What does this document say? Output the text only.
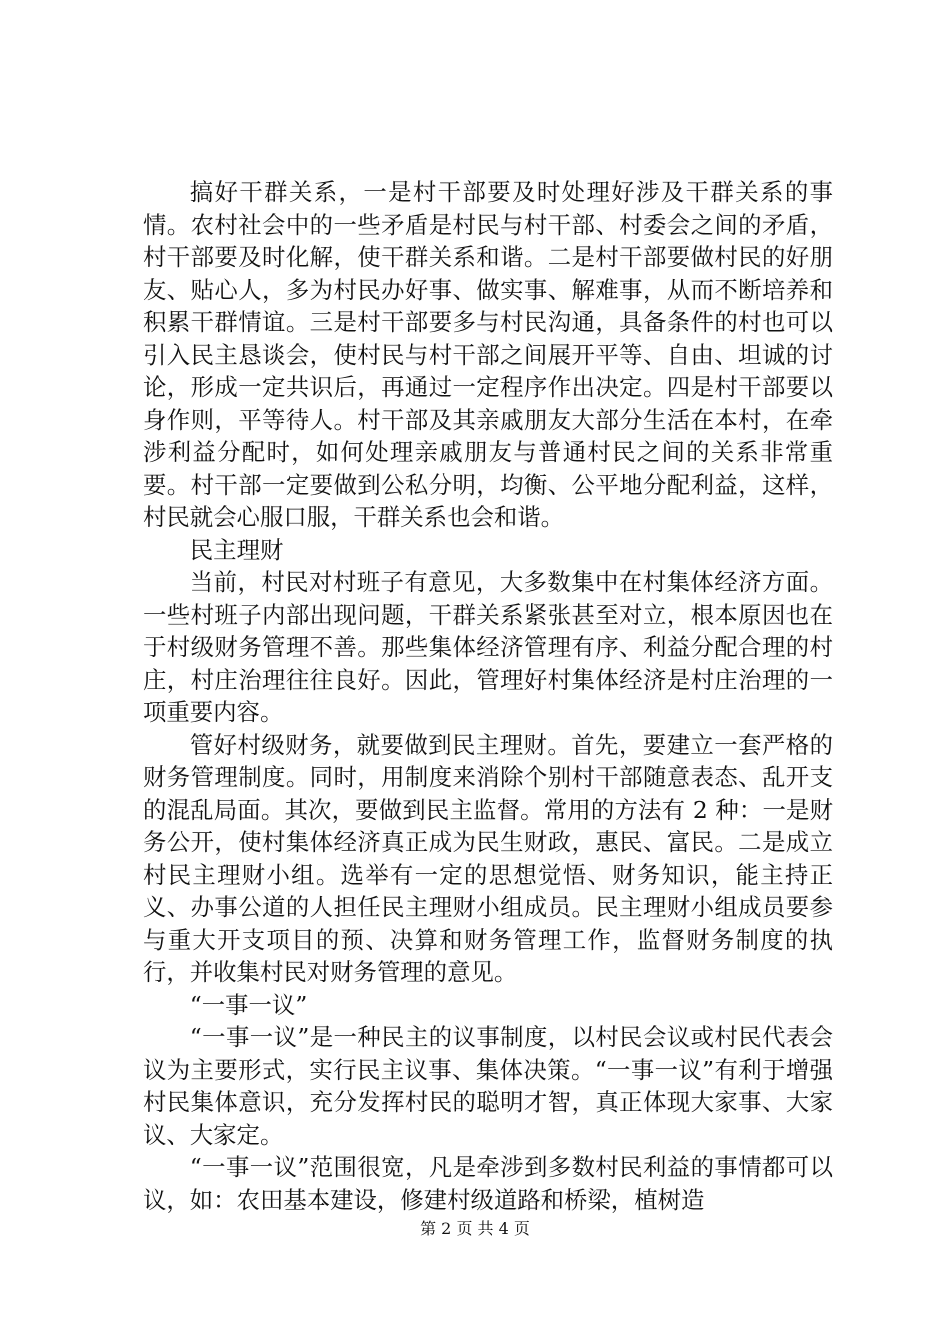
搞好干群关系，一是村干部要及时处理好涉及干群关系的事情。农村社会中的一些矛盾是村民与村干部、村委会之间的矛盾，村干部要及时化解，使干群关系和谐。二是村干部要做村民的好朋友、贴心人，多为村民办好事、做实事、解难事，从而不断培养和积累干群情谊。三是村干部要多与村民沟通，具备条件的村也可以引入民主恳谈会，使村民与村干部之间展开平等、自由、坦诚的讨论，形成一定共识后，再通过一定程序作出决定。四是村干部要以身作则，平等待人。村干部及其亲戚朋友大部分生活在本村，在牵涉利益分配时，如何处理亲戚朋友与普通村民之间的关系非常重要。村干部一定要做到公私分明，均衡、公平地分配利益，这样，村民就会心服口服，干群关系也会和谐。

民主理财

当前，村民对村班子有意见，大多数集中在村集体经济方面。一些村班子内部出现问题，干群关系紧张甚至对立，根本原因也在于村级财务管理不善。那些集体经济管理有序、利益分配合理的村庄，村庄治理往往良好。因此，管理好村集体经济是村庄治理的一项重要内容。

管好村级财务，就要做到民主理财。首先，要建立一套严格的财务管理制度。同时，用制度来消除个别村干部随意表态、乱开支的混乱局面。其次，要做到民主监督。常用的方法有 2 种：一是财务公开，使村集体经济真正成为民生财政，惠民、富民。二是成立村民主理财小组。选举有一定的思想觉悟、财务知识，能主持正义、办事公道的人担任民主理财小组成员。民主理财小组成员要参与重大开支项目的预、决算和财务管理工作，监督财务制度的执行，并收集村民对财务管理的意见。

“一事一议”

“一事一议”是一种民主的议事制度，以村民会议或村民代表会议为主要形式，实行民主议事、集体决策。“一事一议”有利于增强村民集体意识，充分发挥村民的聪明才智，真正体现大家事、大家议、大家定。

“一事一议”范围很宽，凡是牵涉到多数村民利益的事情都可以议，如：农田基本建设，修建村级道路和桥梁，植树造

第 2 页 共 4 页
